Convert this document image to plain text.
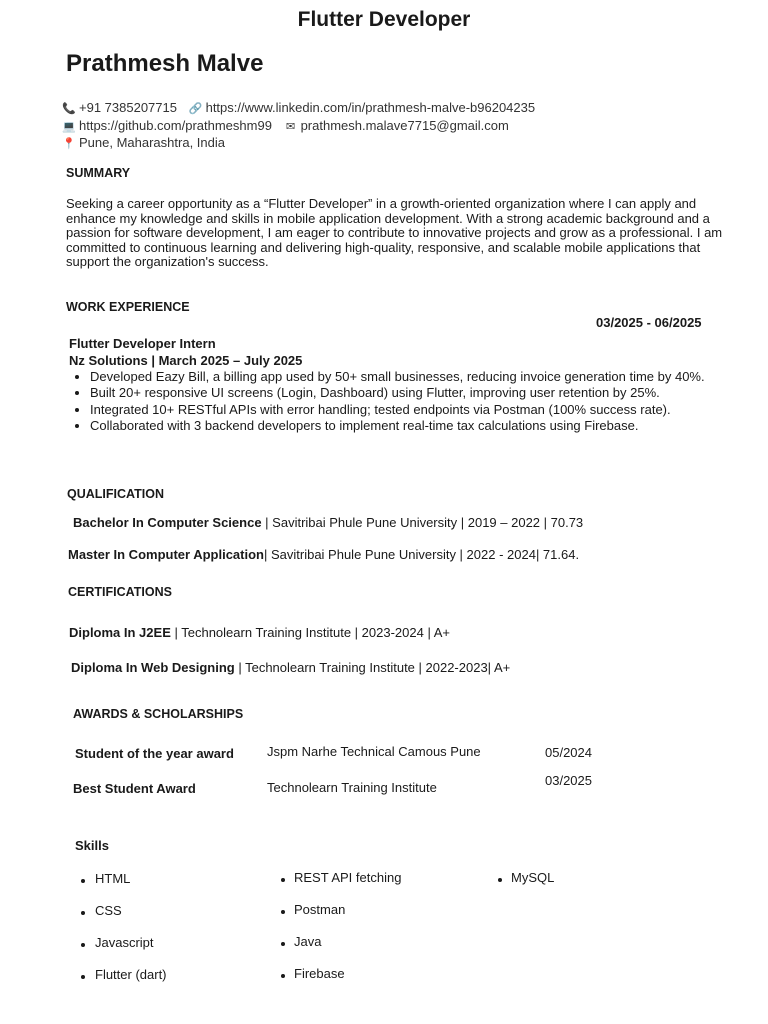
Flutter Developer
Prathmesh Malve
📞 +91 7385207715 🔗 https://www.linkedin.com/in/prathmesh-malve-b96204235
💻 https://github.com/prathmeshm99 ✉ prathmesh.malave7715@gmail.com
📍 Pune, Maharashtra, India
SUMMARY
Seeking a career opportunity as a “Flutter Developer” in a growth-oriented organization where I can apply and enhance my knowledge and skills in mobile application development. With a strong academic background and a passion for software development, I am eager to contribute to innovative projects and grow as a professional. I am committed to continuous learning and delivering high-quality, responsive, and scalable mobile applications that support the organization's success.
WORK EXPERIENCE
03/2025 - 06/2025
Flutter Developer Intern
Nz Solutions | March 2025 – July 2025
• Developed Eazy Bill, a billing app used by 50+ small businesses, reducing invoice generation time by 40%.
• Built 20+ responsive UI screens (Login, Dashboard) using Flutter, improving user retention by 25%.
• Integrated 10+ RESTful APIs with error handling; tested endpoints via Postman (100% success rate).
• Collaborated with 3 backend developers to implement real-time tax calculations using Firebase.
QUALIFICATION
Bachelor In Computer Science | Savitribai Phule Pune University | 2019 – 2022 | 70.73
Master In Computer Application| Savitribai Phule Pune University | 2022 - 2024| 71.64.
CERTIFICATIONS
Diploma In J2EE | Technolearn Training Institute | 2023-2024 | A+
Diploma In Web Designing | Technolearn Training Institute | 2022-2023| A+
AWARDS & SCHOLARSHIPS
Student of the year award	Jspm Narhe Technical Camous Pune	05/2024
Best Student Award	Technolearn Training Institute	03/2025
Skills
HTML
CSS
Javascript
Flutter (dart)
REST API fetching
Postman
Java
Firebase
MySQL
